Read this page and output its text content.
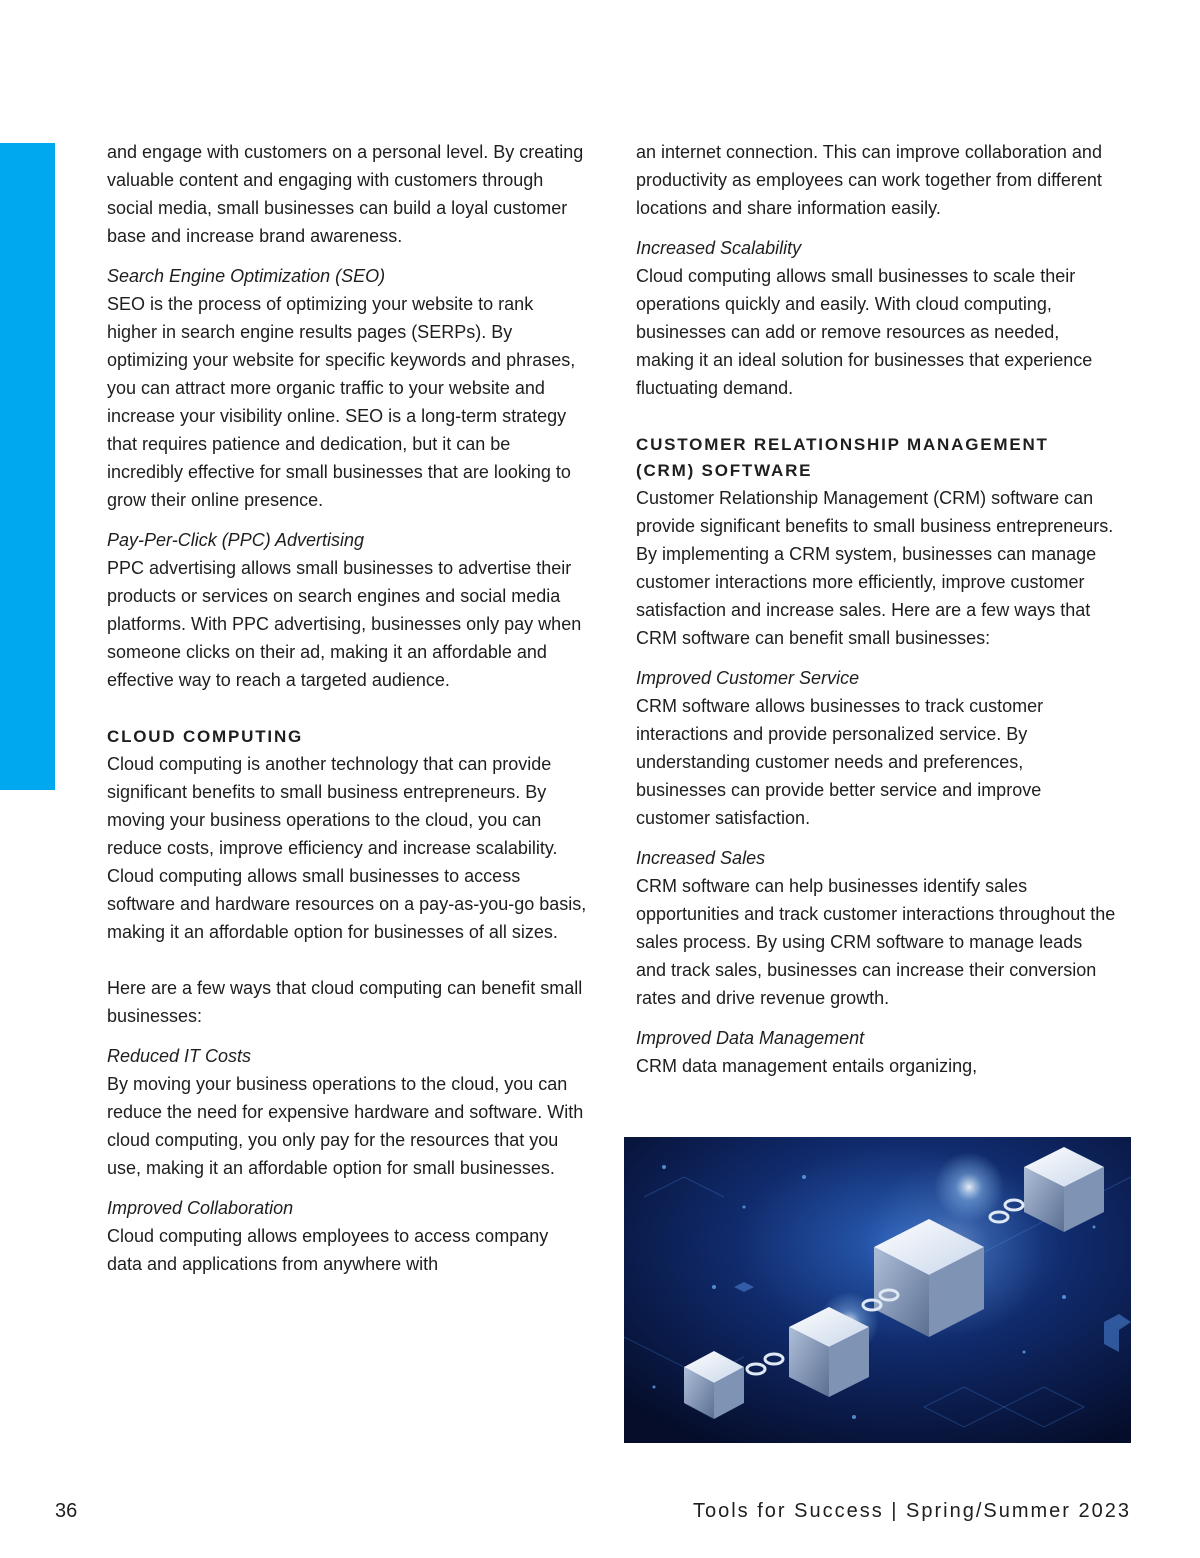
and engage with customers on a personal level. By creating valuable content and engaging with customers through social media, small businesses can build a loyal customer base and increase brand awareness.

Search Engine Optimization (SEO)

SEO is the process of optimizing your website to rank higher in search engine results pages (SERPs). By optimizing your website for specific keywords and phrases, you can attract more organic traffic to your website and increase your visibility online. SEO is a long-term strategy that requires patience and dedication, but it can be incredibly effective for small businesses that are looking to grow their online presence.

Pay-Per-Click (PPC) Advertising

PPC advertising allows small businesses to advertise their products or services on search engines and social media platforms. With PPC advertising, businesses only pay when someone clicks on their ad, making it an affordable and effective way to reach a targeted audience.

CLOUD COMPUTING

Cloud computing is another technology that can provide significant benefits to small business entrepreneurs. By moving your business operations to the cloud, you can reduce costs, improve efficiency and increase scalability. Cloud computing allows small businesses to access software and hardware resources on a pay-as-you-go basis, making it an affordable option for businesses of all sizes.

Here are a few ways that cloud computing can benefit small businesses:

Reduced IT Costs

By moving your business operations to the cloud, you can reduce the need for expensive hardware and software. With cloud computing, you only pay for the resources that you use, making it an affordable option for small businesses.

Improved Collaboration

Cloud computing allows employees to access company data and applications from anywhere with

an internet connection. This can improve collaboration and productivity as employees can work together from different locations and share information easily.

Increased Scalability

Cloud computing allows small businesses to scale their operations quickly and easily. With cloud computing, businesses can add or remove resources as needed, making it an ideal solution for businesses that experience fluctuating demand.

CUSTOMER RELATIONSHIP MANAGEMENT (CRM) SOFTWARE

Customer Relationship Management (CRM) software can provide significant benefits to small business entrepreneurs. By implementing a CRM system, businesses can manage customer interactions more efficiently, improve customer satisfaction and increase sales. Here are a few ways that CRM software can benefit small businesses:

Improved Customer Service

CRM software allows businesses to track customer interactions and provide personalized service. By understanding customer needs and preferences, businesses can provide better service and improve customer satisfaction.

Increased Sales

CRM software can help businesses identify sales opportunities and track customer interactions throughout the sales process. By using CRM software to manage leads and track sales, businesses can increase their conversion rates and drive revenue growth.

Improved Data Management

CRM data management entails organizing,

36	Tools for Success | Spring/Summer 2023
